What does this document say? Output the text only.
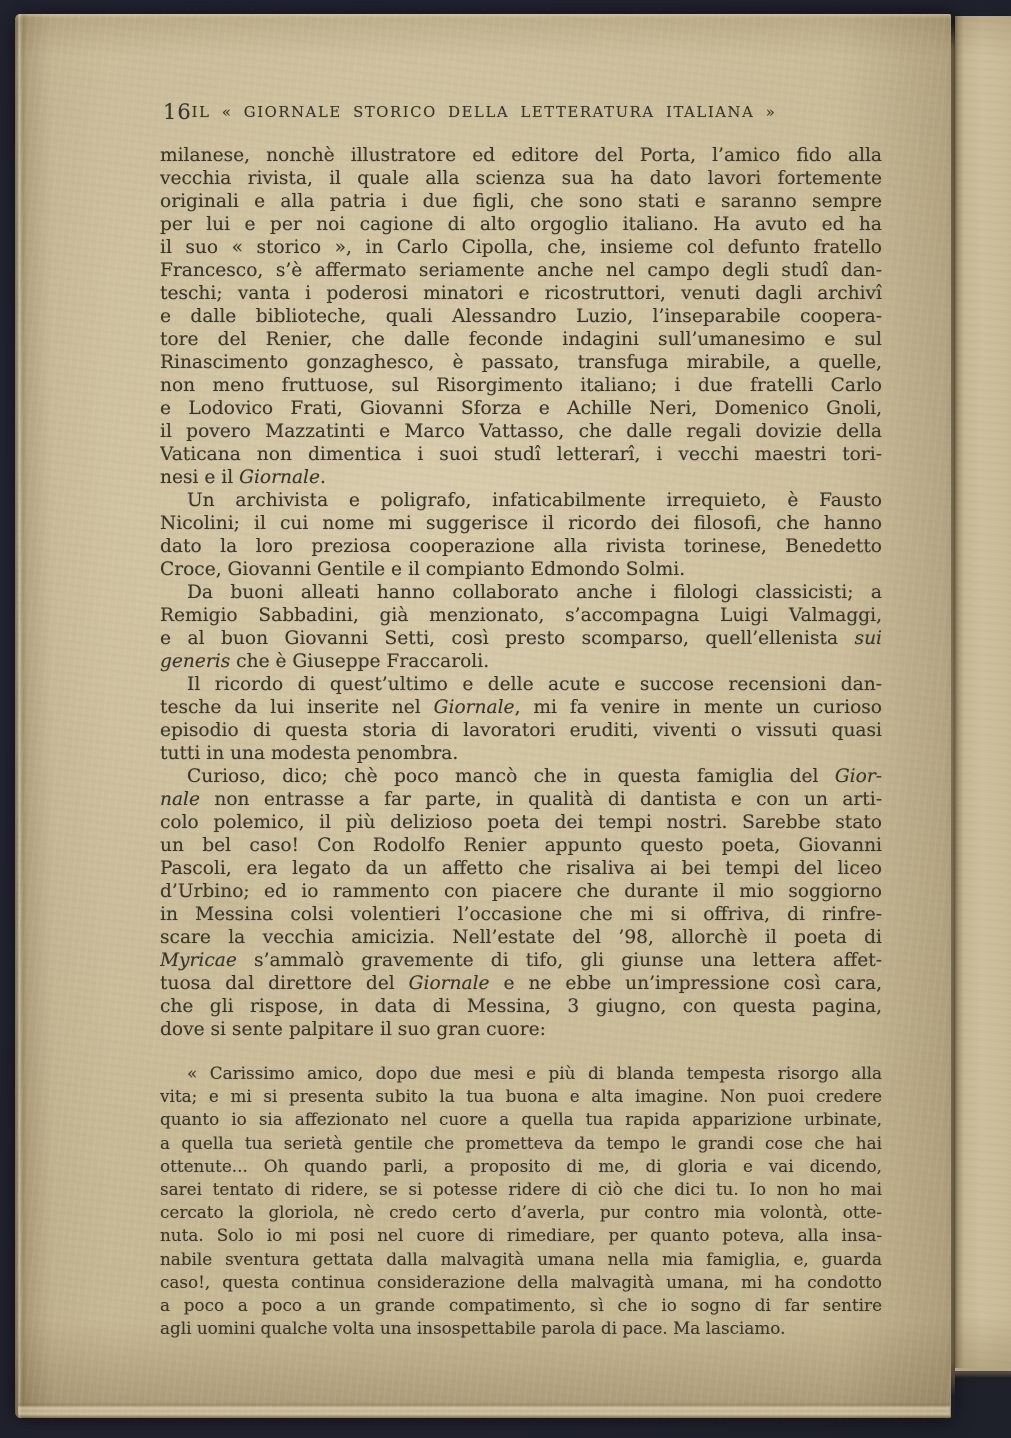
16 IL « GIORNALE STORICO DELLA LETTERATURA ITALIANA »

milanese, nonchè illustratore ed editore del Porta, l’amico fido alla
vecchia rivista, il quale alla scienza sua ha dato lavori fortemente
originali e alla patria i due figli, che sono stati e saranno sempre
per lui e per noi cagione di alto orgoglio italiano. Ha avuto ed ha
il suo « storico », in Carlo Cipolla, che, insieme col defunto fratello
Francesco, s’è affermato seriamente anche nel campo degli studî dan-
teschi; vanta i poderosi minatori e ricostruttori, venuti dagli archivî
e dalle biblioteche, quali Alessandro Luzio, l’inseparabile coopera-
tore del Renier, che dalle feconde indagini sull’umanesimo e sul
Rinascimento gonzaghesco, è passato, transfuga mirabile, a quelle,
non meno fruttuose, sul Risorgimento italiano; i due fratelli Carlo
e Lodovico Frati, Giovanni Sforza e Achille Neri, Domenico Gnoli,
il povero Mazzatinti e Marco Vattasso, che dalle regali dovizie della
Vaticana non dimentica i suoi studî letterarî, i vecchi maestri tori-
nesi e il Giornale.

Un archivista e poligrafo, infaticabilmente irrequieto, è Fausto
Nicolini; il cui nome mi suggerisce il ricordo dei filosofi, che hanno
dato la loro preziosa cooperazione alla rivista torinese, Benedetto
Croce, Giovanni Gentile e il compianto Edmondo Solmi.

Da buoni alleati hanno collaborato anche i filologi classicisti; a
Remigio Sabbadini, già menzionato, s’accompagna Luigi Valmaggi,
e al buon Giovanni Setti, così presto scomparso, quell’ellenista sui
generis che è Giuseppe Fraccaroli.

Il ricordo di quest’ultimo e delle acute e succose recensioni dan-
tesche da lui inserite nel Giornale, mi fa venire in mente un curioso
episodio di questa storia di lavoratori eruditi, viventi o vissuti quasi
tutti in una modesta penombra.

Curioso, dico; chè poco mancò che in questa famiglia del Gior-
nale non entrasse a far parte, in qualità di dantista e con un arti-
colo polemico, il più delizioso poeta dei tempi nostri. Sarebbe stato
un bel caso! Con Rodolfo Renier appunto questo poeta, Giovanni
Pascoli, era legato da un affetto che risaliva ai bei tempi del liceo
d’Urbino; ed io rammento con piacere che durante il mio soggiorno
in Messina colsi volentieri l’occasione che mi si offriva, di rinfre-
scare la vecchia amicizia. Nell’estate del ’98, allorchè il poeta di
Myricae s’ammalò gravemente di tifo, gli giunse una lettera affet-
tuosa dal direttore del Giornale e ne ebbe un’impressione così cara,
che gli rispose, in data di Messina, 3 giugno, con questa pagina,
dove si sente palpitare il suo gran cuore:

« Carissimo amico, dopo due mesi e più di blanda tempesta risorgo alla
vita; e mi si presenta subito la tua buona e alta imagine. Non puoi credere
quanto io sia affezionato nel cuore a quella tua rapida apparizione urbinate,
a quella tua serietà gentile che prometteva da tempo le grandi cose che hai
ottenute... Oh quando parli, a proposito di me, di gloria e vai dicendo,
sarei tentato di ridere, se si potesse ridere di ciò che dici tu. Io non ho mai
cercato la gloriola, nè credo certo d’averla, pur contro mia volontà, otte-
nuta. Solo io mi posi nel cuore di rimediare, per quanto poteva, alla insa-
nabile sventura gettata dalla malvagità umana nella mia famiglia, e, guarda
caso!, questa continua considerazione della malvagità umana, mi ha condotto
a poco a poco a un grande compatimento, sì che io sogno di far sentire
agli uomini qualche volta una insospettabile parola di pace. Ma lasciamo.
